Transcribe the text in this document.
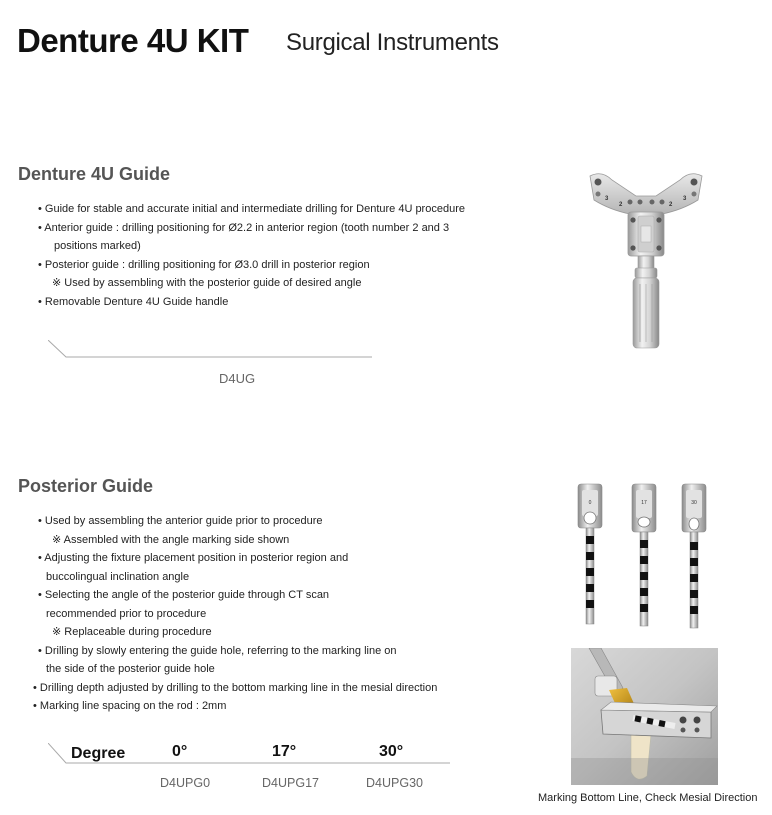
Denture 4U KIT Surgical Instruments
Denture 4U Guide
• Guide for stable and accurate initial and intermediate drilling for Denture 4U procedure
• Anterior guide : drilling positioning for Ø2.2 in anterior region (tooth number 2 and 3
positions marked)
• Posterior guide : drilling positioning for Ø3.0 drill in posterior region
※ Used by assembling with the posterior guide of desired angle
• Removable Denture 4U Guide handle
D4UG
3
2	2
3
Posterior Guide
• Used by assembling the anterior guide prior to procedure
※ Assembled with the angle marking side shown
• Adjusting the fixture placement position in posterior region and
buccolingual inclination angle
• Selecting the angle of the posterior guide through CT scan
recommended prior to procedure
※ Replaceable during procedure
• Drilling by slowly entering the guide hole, referring to the marking line on
the side of the posterior guide hole
• Drilling depth adjusted by drilling to the bottom marking line in the mesial direction
• Marking line spacing on the rod : 2mm
Degree	0°	17°	30°
D4UPG0	D4UPG17	D4UPG30
0	17	30
Marking Bottom Line, Check Mesial Direction
